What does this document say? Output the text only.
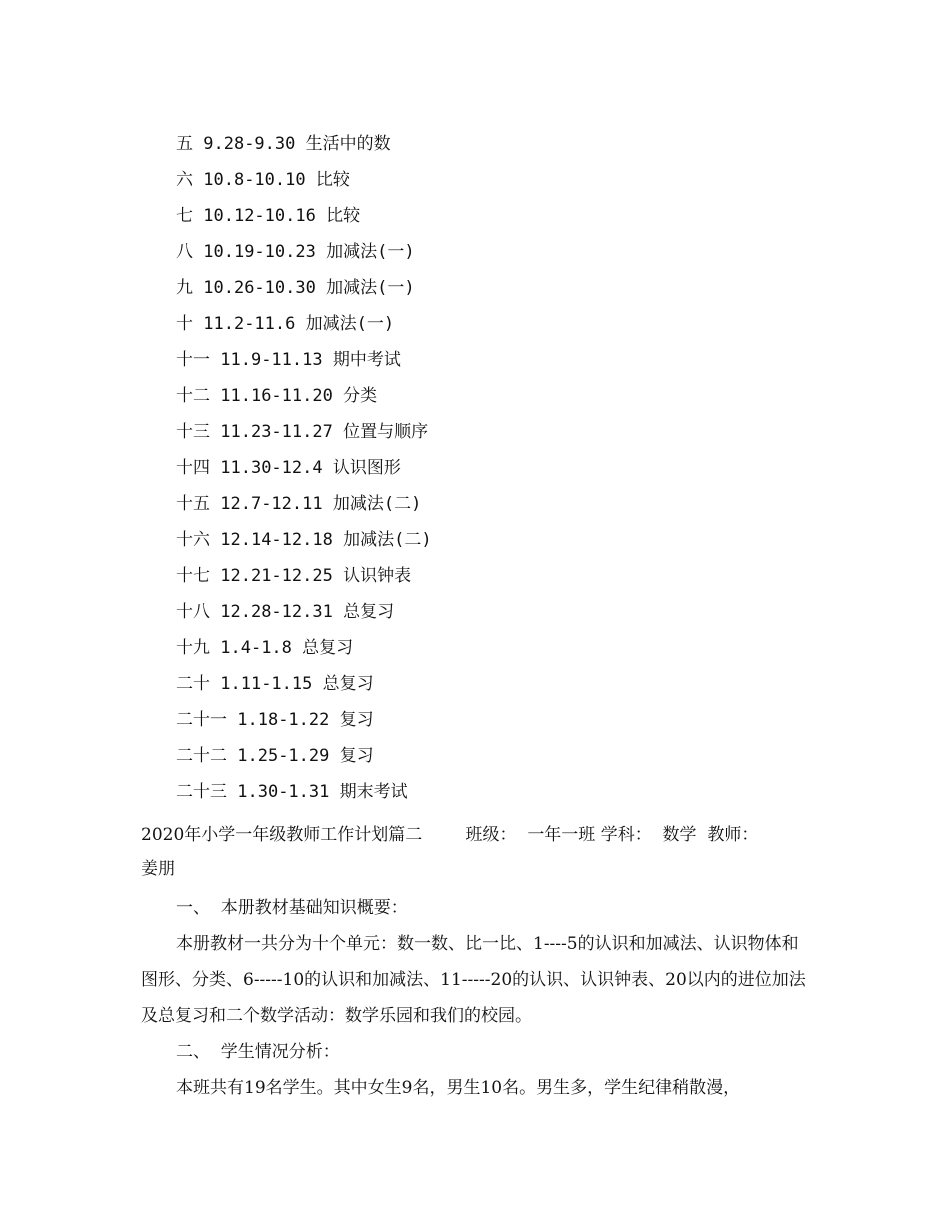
五 9.28-9.30 生活中的数
六 10.8-10.10 比较
七 10.12-10.16 比较
八 10.19-10.23 加减法(一)
九 10.26-10.30 加减法(一)
十 11.2-11.6 加减法(一)
十一 11.9-11.13 期中考试
十二 11.16-11.20 分类
十三 11.23-11.27 位置与顺序
十四 11.30-12.4 认识图形
十五 12.7-12.11 加减法(二)
十六 12.14-12.18 加减法(二)
十七 12.21-12.25 认识钟表
十八 12.28-12.31 总复习
十九 1.4-1.8 总复习
二十 1.11-1.15 总复习
二十一 1.18-1.22 复习
二十二 1.25-1.29 复习
二十三 1.30-1.31 期末考试
2020年小学一年级教师工作计划篇二	班级： 一年一班 学科： 数学 教师：
姜朋

一、  本册教材基础知识概要：

本册教材一共分为十个单元：数一数、比一比、1----5的认识和加减法、认识物体和图形、分类、6-----10的认识和加减法、11-----20的认识、认识钟表、20以内的进位加法及总复习和二个数学活动：数学乐园和我们的校园。

二、  学生情况分析：

本班共有19名学生。其中女生9名，男生10名。男生多，学生纪律稍散漫，
